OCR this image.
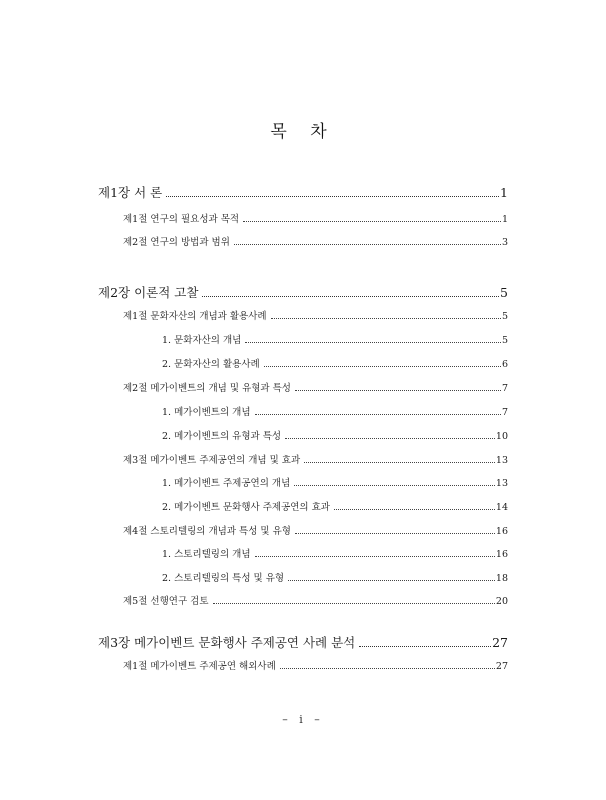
목 차
제1장 서 론	1
제1절 연구의 필요성과 목적	1
제2절 연구의 방법과 범위	3
제2장 이론적 고찰	5
제1절 문화자산의 개념과 활용사례	5
1. 문화자산의 개념	5
2. 문화자산의 활용사례	6
제2절 메가이벤트의 개념 및 유형과 특성	7
1. 메가이벤트의 개념	7
2. 메가이벤트의 유형과 특성	10
제3절 메가이벤트 주제공연의 개념 및 효과	13
1. 메가이벤트 주제공연의 개념	13
2. 메가이벤트 문화행사 주제공연의 효과	14
제4절 스토리텔링의 개념과 특성 및 유형	16
1. 스토리텔링의 개념	16
2. 스토리텔링의 특성 및 유형	18
제5절 선행연구 검토	20
제3장 메가이벤트 문화행사 주제공연 사례 분석	27
제1절 메가이벤트 주제공연 해외사례	27
– i –
